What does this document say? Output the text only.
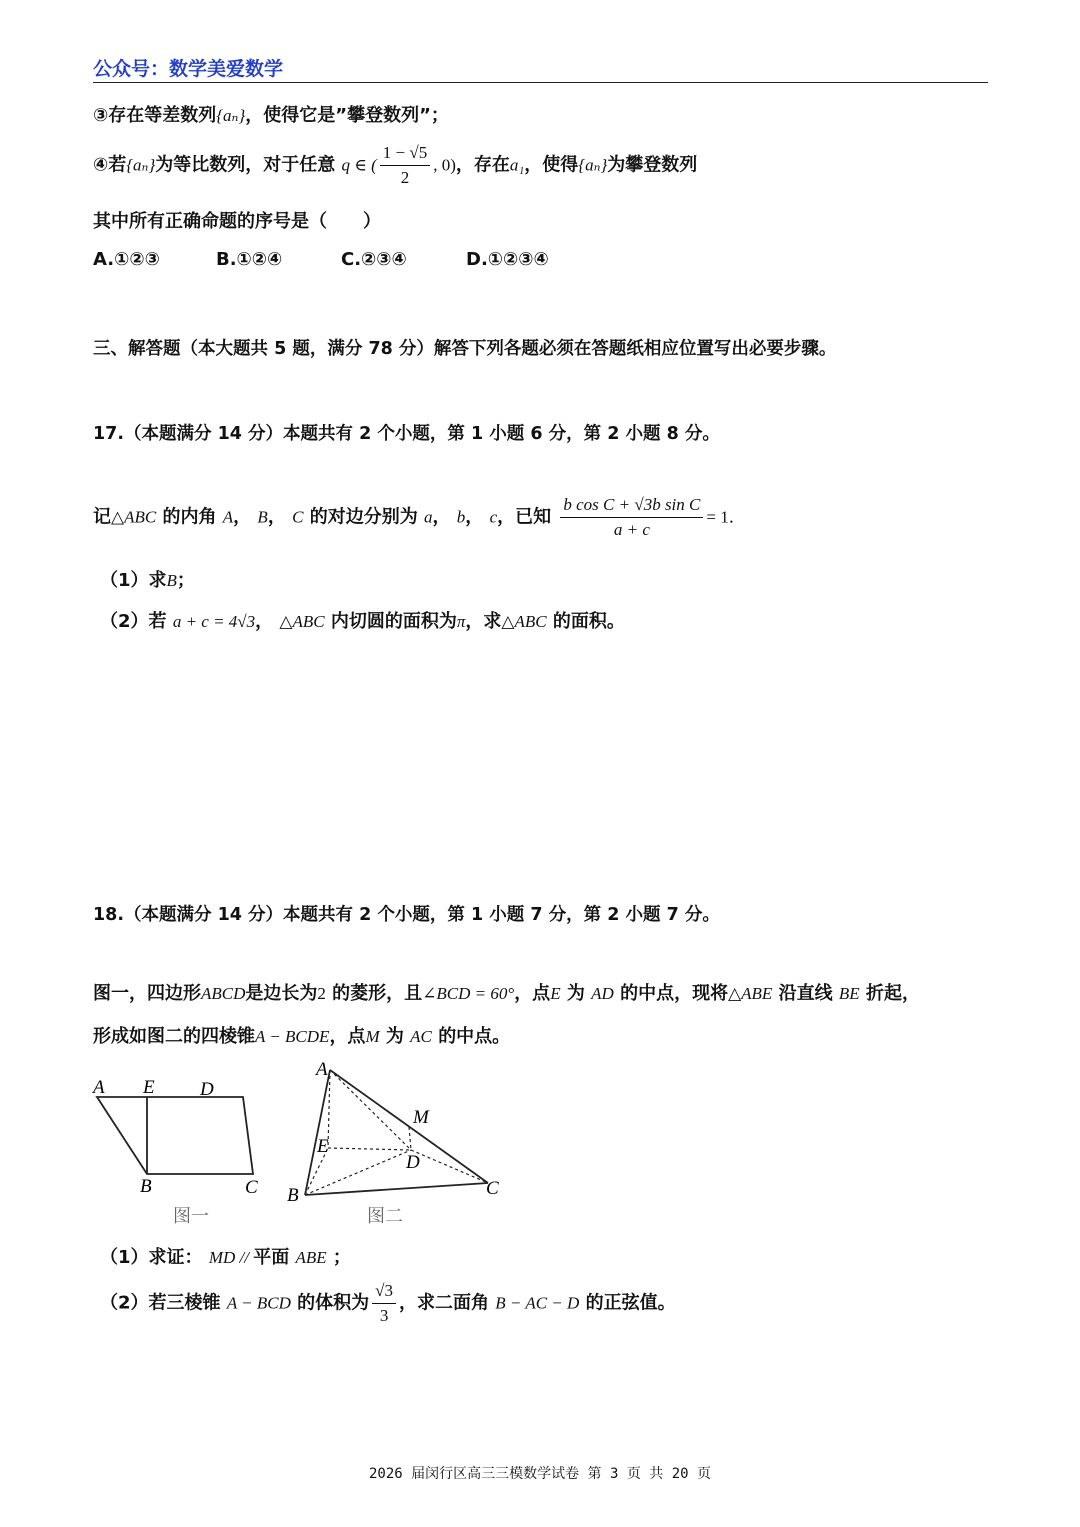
公众号：数学美爱数学
③存在等差数列{aₙ}，使得它是”攀登数列”；
④若{aₙ}为等比数列，对于任意 q ∈ ( $\frac{1 - √5}{2}$ , 0)，存在a₁，使得{aₙ}为攀登数列
其中所有正确命题的序号是（　　）
A.①②③	B.①②④	C.②③④	D.①②③④
三、解答题（本大题共 5 题，满分 78 分）解答下列各题必须在答题纸相应位置写出必要步骤。
17.（本题满分 14 分）本题共有 2 个小题，第 1 小题 6 分，第 2 小题 8 分。
记△ABC 的内角 A， B， C 的对边分别为 a， b， c，已知 $\frac{\text{b cos C + √3b sin C}}{a + c} = 1$．
（1）求B；
（2）若 a + c = 4√3， △ABC 内切圆的面积为π，求△ABC 的面积。
18.（本题满分 14 分）本题共有 2 个小题，第 1 小题 7 分，第 2 小题 7 分。
图一，四边形ABCD是边长为2 的菱形，且∠BCD = 60°，点E 为 AD 的中点，现将△ABE 沿直线 BE 折起，
形成如图二的四棱锥A − BCDE，点M 为 AC 的中点。
A E D
B	C
图一
A
M
E
D
B	C
图二
（1）求证： MD // 平面 ABE ；
（2）若三棱锥 A − BCD 的体积为 $\frac{√3}{3}$ ，求二面角 B − AC − D 的正弦值。
2026 届闵行区高三三模数学试卷 第 3 页 共 20 页
